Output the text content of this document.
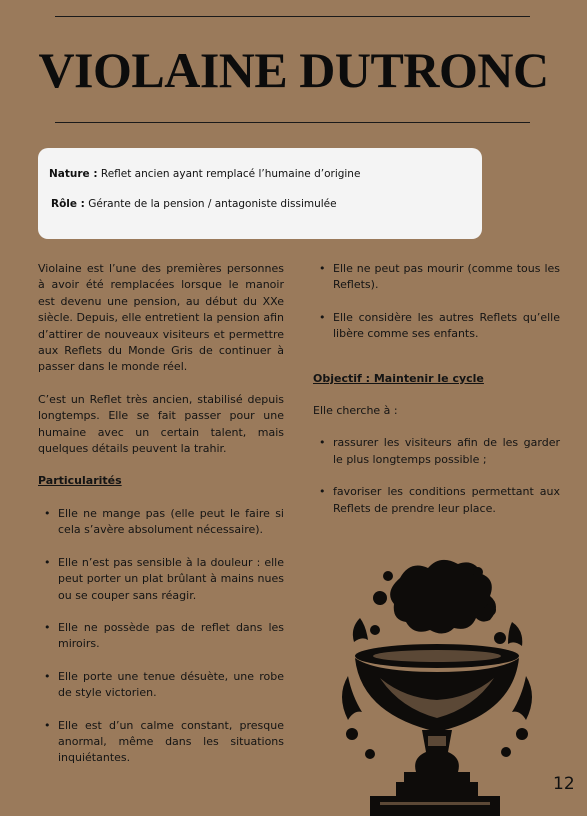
VIOLAINE DUTRONC
Nature : Reflet ancien ayant remplacé l’humaine d’origine
Rôle : Gérante de la pension / antagoniste dissimulée

Violaine est l’une des premières personnes à avoir été remplacées lorsque le manoir est devenu une pension, au début du XXe siècle. Depuis, elle entretient la pension afin d’attirer de nouveaux visiteurs et permettre aux Reflets du Monde Gris de continuer à passer dans le monde réel.

C’est un Reflet très ancien, stabilisé depuis longtemps. Elle se fait passer pour une humaine avec un certain talent, mais quelques détails peuvent la trahir.

Particularités
• Elle ne mange pas (elle peut le faire si cela s’avère absolument nécessaire).
• Elle n’est pas sensible à la douleur : elle peut porter un plat brûlant à mains nues ou se couper sans réagir.
• Elle ne possède pas de reflet dans les miroirs.
• Elle porte une tenue désuète, une robe de style victorien.
• Elle est d’un calme constant, presque anormal, même dans les situations inquiétantes.
• Elle ne peut pas mourir (comme tous les Reflets).
• Elle considère les autres Reflets qu’elle libère comme ses enfants.
Objectif : Maintenir le cycle

Elle cherche à :

• rassurer les visiteurs afin de les garder le plus longtemps possible ;
• favoriser les conditions permettant aux Reflets de prendre leur place.
12
